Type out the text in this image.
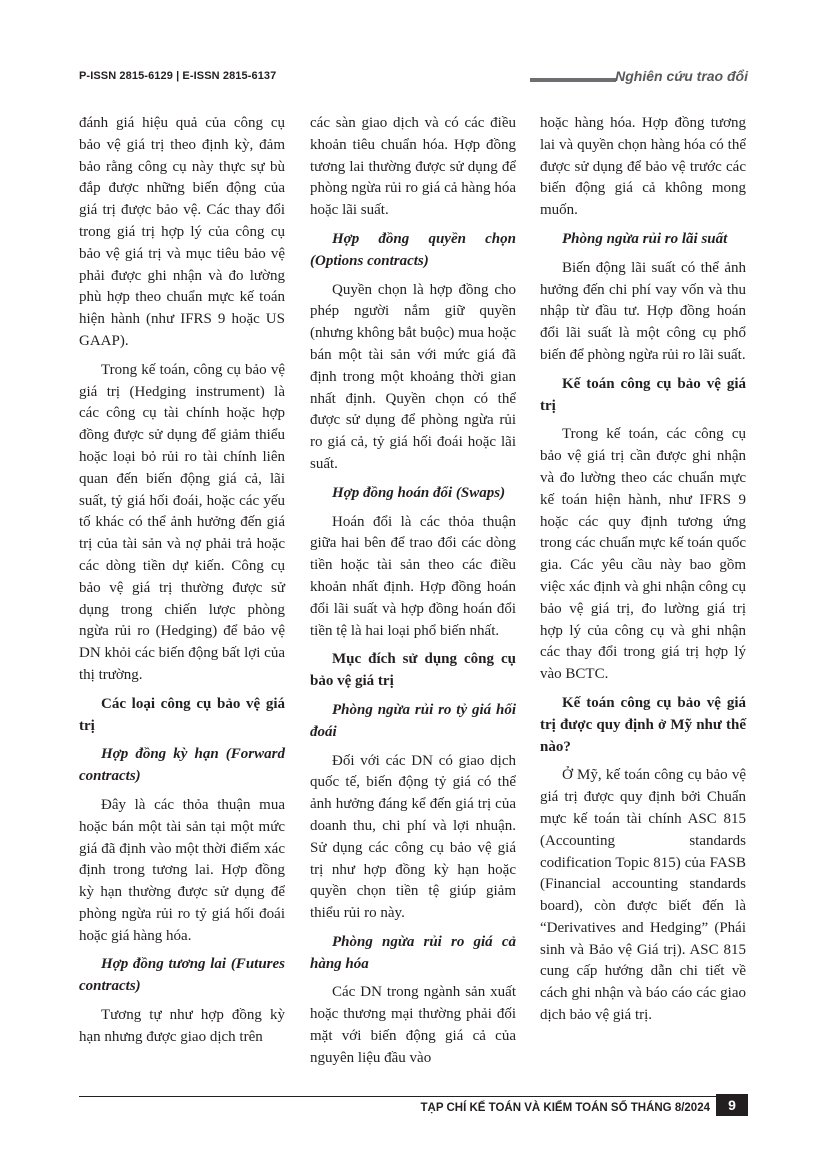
P-ISSN 2815-6129 | E-ISSN 2815-6137	Nghiên cứu trao đổi

đánh giá hiệu quả của công cụ bảo vệ giá trị theo định kỳ, đảm bảo rằng công cụ này thực sự bù đắp được những biến động của giá trị được bảo vệ. Các thay đổi trong giá trị hợp lý của công cụ bảo vệ giá trị và mục tiêu bảo vệ phải được ghi nhận và đo lường phù hợp theo chuẩn mực kế toán hiện hành (như IFRS 9 hoặc US GAAP).

Trong kế toán, công cụ bảo vệ giá trị (Hedging instrument) là các công cụ tài chính hoặc hợp đồng được sử dụng để giảm thiểu hoặc loại bỏ rủi ro tài chính liên quan đến biến động giá cả, lãi suất, tỷ giá hối đoái, hoặc các yếu tố khác có thể ảnh hưởng đến giá trị của tài sản và nợ phải trả hoặc các dòng tiền dự kiến. Công cụ bảo vệ giá trị thường được sử dụng trong chiến lược phòng ngừa rủi ro (Hedging) để bảo vệ DN khỏi các biến động bất lợi của thị trường.

Các loại công cụ bảo vệ giá trị
Hợp đồng kỳ hạn (Forward contracts)

Đây là các thỏa thuận mua hoặc bán một tài sản tại một mức giá đã định vào một thời điểm xác định trong tương lai. Hợp đồng kỳ hạn thường được sử dụng để phòng ngừa rủi ro tỷ giá hối đoái hoặc giá hàng hóa.

Hợp đồng tương lai (Futures contracts)

Tương tự như hợp đồng kỳ hạn nhưng được giao dịch trên

các sàn giao dịch và có các điều khoản tiêu chuẩn hóa. Hợp đồng tương lai thường được sử dụng để phòng ngừa rủi ro giá cả hàng hóa hoặc lãi suất.

Hợp đồng quyền chọn (Options contracts)

Quyền chọn là hợp đồng cho phép người nắm giữ quyền (nhưng không bắt buộc) mua hoặc bán một tài sản với mức giá đã định trong một khoảng thời gian nhất định. Quyền chọn có thể được sử dụng để phòng ngừa rủi ro giá cả, tỷ giá hối đoái hoặc lãi suất.

Hợp đồng hoán đổi (Swaps)

Hoán đổi là các thỏa thuận giữa hai bên để trao đổi các dòng tiền hoặc tài sản theo các điều khoản nhất định. Hợp đồng hoán đổi lãi suất và hợp đồng hoán đổi tiền tệ là hai loại phổ biến nhất.

Mục đích sử dụng công cụ bảo vệ giá trị
Phòng ngừa rủi ro tỷ giá hối đoái

Đối với các DN có giao dịch quốc tế, biến động tỷ giá có thể ảnh hưởng đáng kể đến giá trị của doanh thu, chi phí và lợi nhuận. Sử dụng các công cụ bảo vệ giá trị như hợp đồng kỳ hạn hoặc quyền chọn tiền tệ giúp giảm thiểu rủi ro này.

Phòng ngừa rủi ro giá cả hàng hóa

Các DN trong ngành sản xuất hoặc thương mại thường phải đối mặt với biến động giá cả của nguyên liệu đầu vào

hoặc hàng hóa. Hợp đồng tương lai và quyền chọn hàng hóa có thể được sử dụng để bảo vệ trước các biến động giá cả không mong muốn.

Phòng ngừa rủi ro lãi suất

Biến động lãi suất có thể ảnh hưởng đến chi phí vay vốn và thu nhập từ đầu tư. Hợp đồng hoán đổi lãi suất là một công cụ phổ biến để phòng ngừa rủi ro lãi suất.

Kế toán công cụ bảo vệ giá trị

Trong kế toán, các công cụ bảo vệ giá trị cần được ghi nhận và đo lường theo các chuẩn mực kế toán hiện hành, như IFRS 9 hoặc các quy định tương ứng trong các chuẩn mực kế toán quốc gia. Các yêu cầu này bao gồm việc xác định và ghi nhận công cụ bảo vệ giá trị, đo lường giá trị hợp lý của công cụ và ghi nhận các thay đổi trong giá trị hợp lý vào BCTC.

Kế toán công cụ bảo vệ giá trị được quy định ở Mỹ như thế nào?

Ở Mỹ, kế toán công cụ bảo vệ giá trị được quy định bởi Chuẩn mực kế toán tài chính ASC 815 (Accounting standards codification Topic 815) của FASB (Financial accounting standards board), còn được biết đến là “Derivatives and Hedging” (Phái sinh và Bảo vệ Giá trị). ASC 815 cung cấp hướng dẫn chi tiết về cách ghi nhận và báo cáo các giao dịch bảo vệ giá trị.

TẠP CHÍ KẾ TOÁN VÀ KIỂM TOÁN SỐ THÁNG 8/2024	9
